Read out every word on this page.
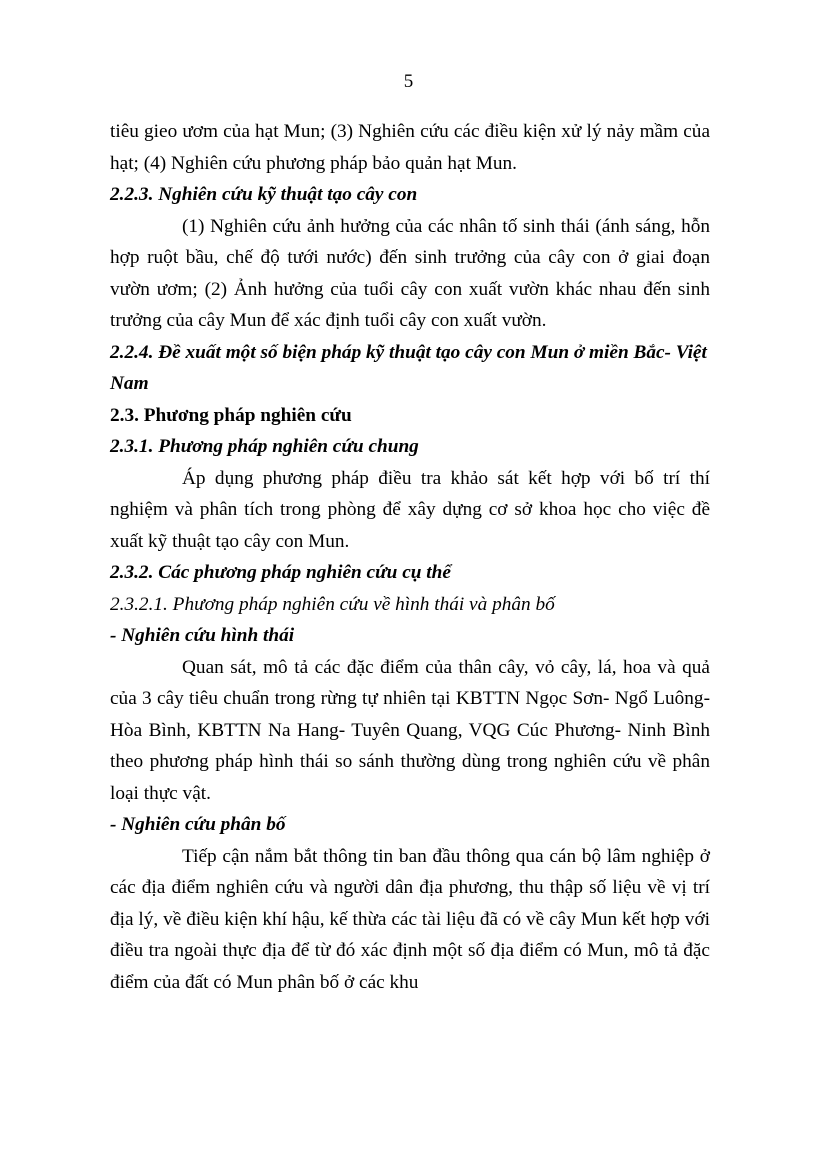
5

tiêu gieo ươm của hạt Mun; (3) Nghiên cứu các điều kiện xử lý nảy mầm của hạt; (4) Nghiên cứu phương pháp bảo quản hạt Mun.

2.2.3. Nghiên cứu kỹ thuật tạo cây con

(1) Nghiên cứu ảnh hưởng của các nhân tố sinh thái (ánh sáng, hỗn hợp ruột bầu, chế độ tưới nước) đến sinh trưởng của cây con ở giai đoạn vườn ươm; (2) Ảnh hưởng của tuổi cây con xuất vườn khác nhau đến sinh trưởng của cây Mun để xác định tuổi cây con xuất vườn.

2.2.4. Đề xuất một số biện pháp kỹ thuật tạo cây con Mun ở miền Bắc- Việt Nam

2.3. Phương pháp nghiên cứu

2.3.1. Phương pháp nghiên cứu chung

Áp dụng phương pháp điều tra khảo sát kết hợp với bố trí thí nghiệm và phân tích trong phòng để xây dựng cơ sở khoa học cho việc đề xuất kỹ thuật tạo cây con Mun.

2.3.2. Các phương pháp nghiên cứu cụ thể

2.3.2.1. Phương pháp nghiên cứu về hình thái và phân bố

- Nghiên cứu hình thái

Quan sát, mô tả các đặc điểm của thân cây, vỏ cây, lá, hoa và quả của 3 cây tiêu chuẩn trong rừng tự nhiên tại KBTTN Ngọc Sơn- Ngổ Luông- Hòa Bình, KBTTN Na Hang- Tuyên Quang, VQG Cúc Phương- Ninh Bình theo phương pháp hình thái so sánh thường dùng trong nghiên cứu về phân loại thực vật.

- Nghiên cứu phân bố

Tiếp cận nắm bắt thông tin ban đầu thông qua cán bộ lâm nghiệp ở các địa điểm nghiên cứu và người dân địa phương, thu thập số liệu về vị trí địa lý, về điều kiện khí hậu, kế thừa các tài liệu đã có về cây Mun kết hợp với điều tra ngoài thực địa để từ đó xác định một số địa điểm có Mun, mô tả đặc điểm của đất có Mun phân bố ở các khu
